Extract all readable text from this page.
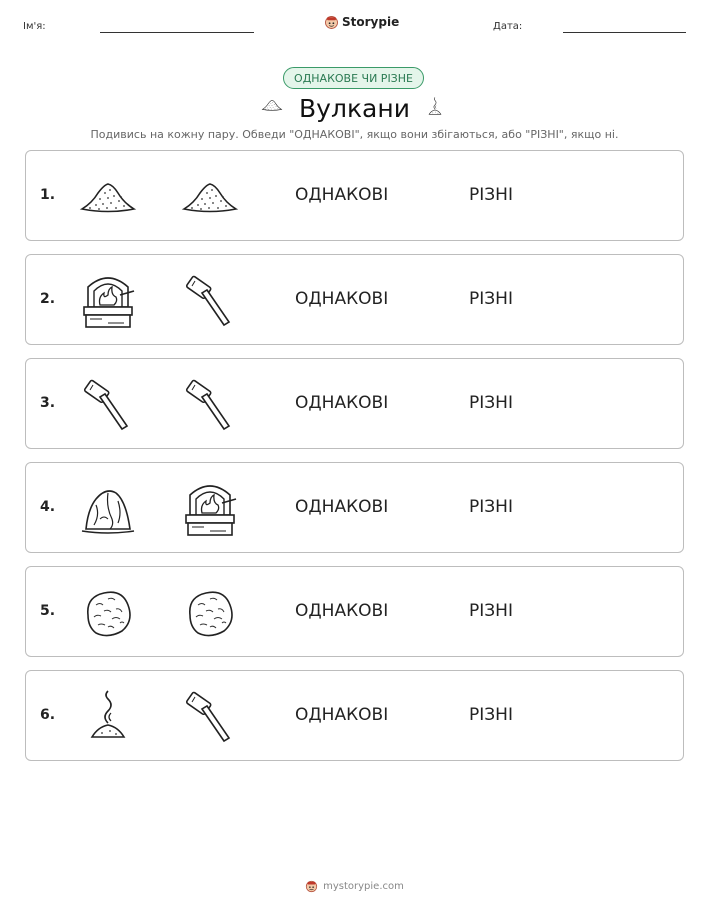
Ім'я:	Storypie	Дата:
ОДНАКОВЕ ЧИ РІЗНЕ
Вулкани
Подивись на кожну пару. Обведи "ОДНАКОВІ", якщо вони збігаються, або "РІЗНІ", якщо ні.
1.	ОДНАКОВІ	РІЗНІ
2.	ОДНАКОВІ	РІЗНІ
3.	ОДНАКОВІ	РІЗНІ
4.	ОДНАКОВІ	РІЗНІ
5.	ОДНАКОВІ	РІЗНІ
6.	ОДНАКОВІ	РІЗНІ
mystorypie.com
